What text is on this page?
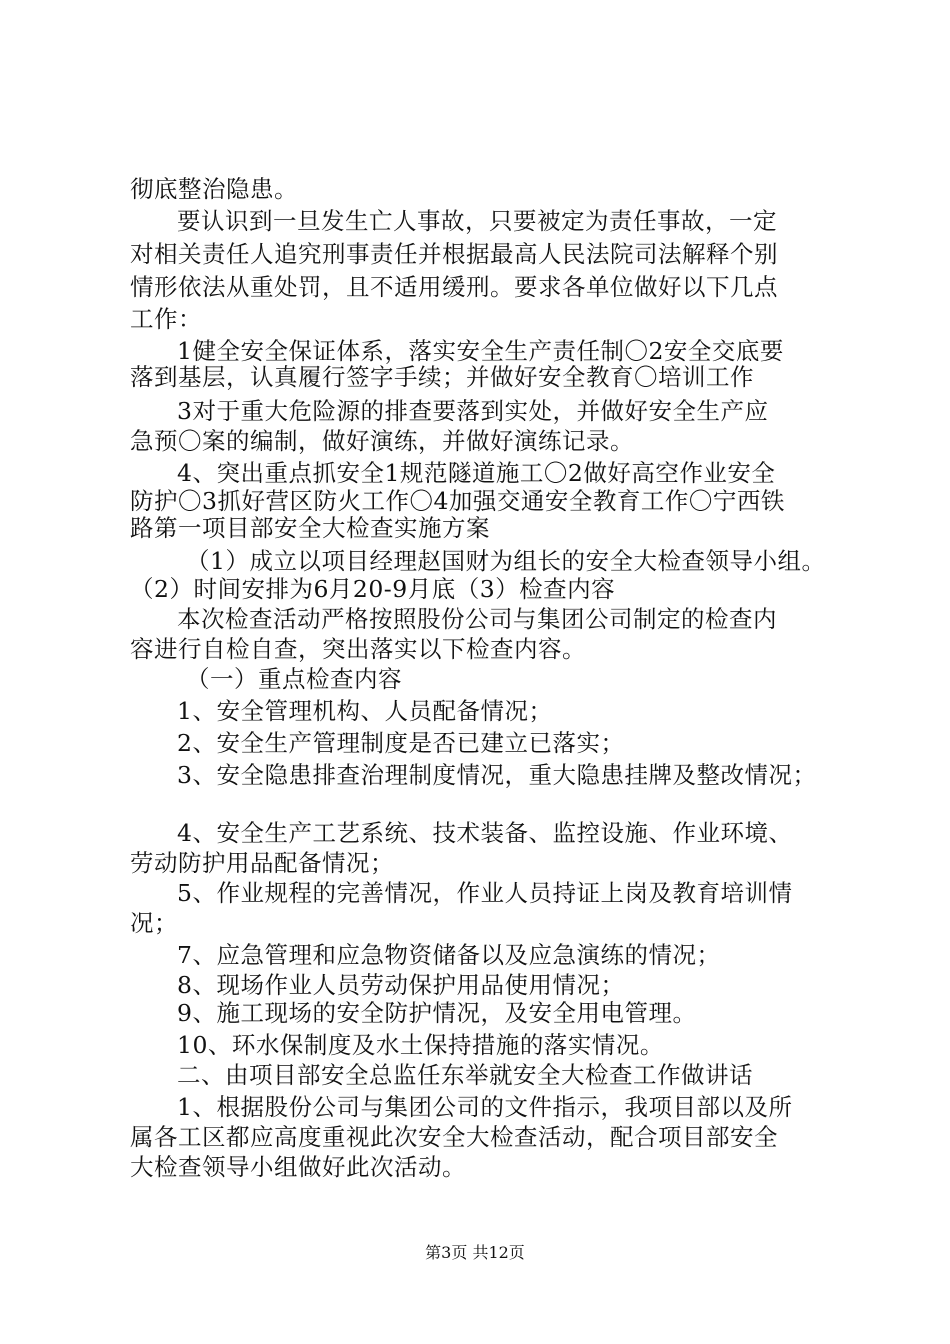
彻底整治隐患。
要认识到一旦发生亡人事故，只要被定为责任事故，一定
对相关责任人追究刑事责任并根据最高人民法院司法解释个别
情形依法从重处罚，且不适用缓刑。要求各单位做好以下几点
工作：
1健全安全保证体系，落实安全生产责任制〇2安全交底要
落到基层，认真履行签字手续；并做好安全教育〇培训工作
3对于重大危险源的排查要落到实处，并做好安全生产应
急预〇案的编制，做好演练，并做好演练记录。
4、突出重点抓安全1规范隧道施工〇2做好高空作业安全
防护〇3抓好营区防火工作〇4加强交通安全教育工作〇宁西铁
路第一项目部安全大检查实施方案
（1）成立以项目经理赵国财为组长的安全大检查领导小组。
（2）时间安排为6月20-9月底（3）检查内容
本次检查活动严格按照股份公司与集团公司制定的检查内
容进行自检自查，突出落实以下检查内容。
（一）重点检查内容
1、安全管理机构、人员配备情况；
2、安全生产管理制度是否已建立已落实；
3、安全隐患排查治理制度情况，重大隐患挂牌及整改情况；
4、安全生产工艺系统、技术装备、监控设施、作业环境、
劳动防护用品配备情况；
5、作业规程的完善情况，作业人员持证上岗及教育培训情
况；
7、应急管理和应急物资储备以及应急演练的情况；
8、现场作业人员劳动保护用品使用情况；
9、施工现场的安全防护情况，及安全用电管理。
10、环水保制度及水土保持措施的落实情况。
二、由项目部安全总监任东举就安全大检查工作做讲话
1、根据股份公司与集团公司的文件指示，我项目部以及所
属各工区都应高度重视此次安全大检查活动，配合项目部安全
大检查领导小组做好此次活动。
第3页 共12页
